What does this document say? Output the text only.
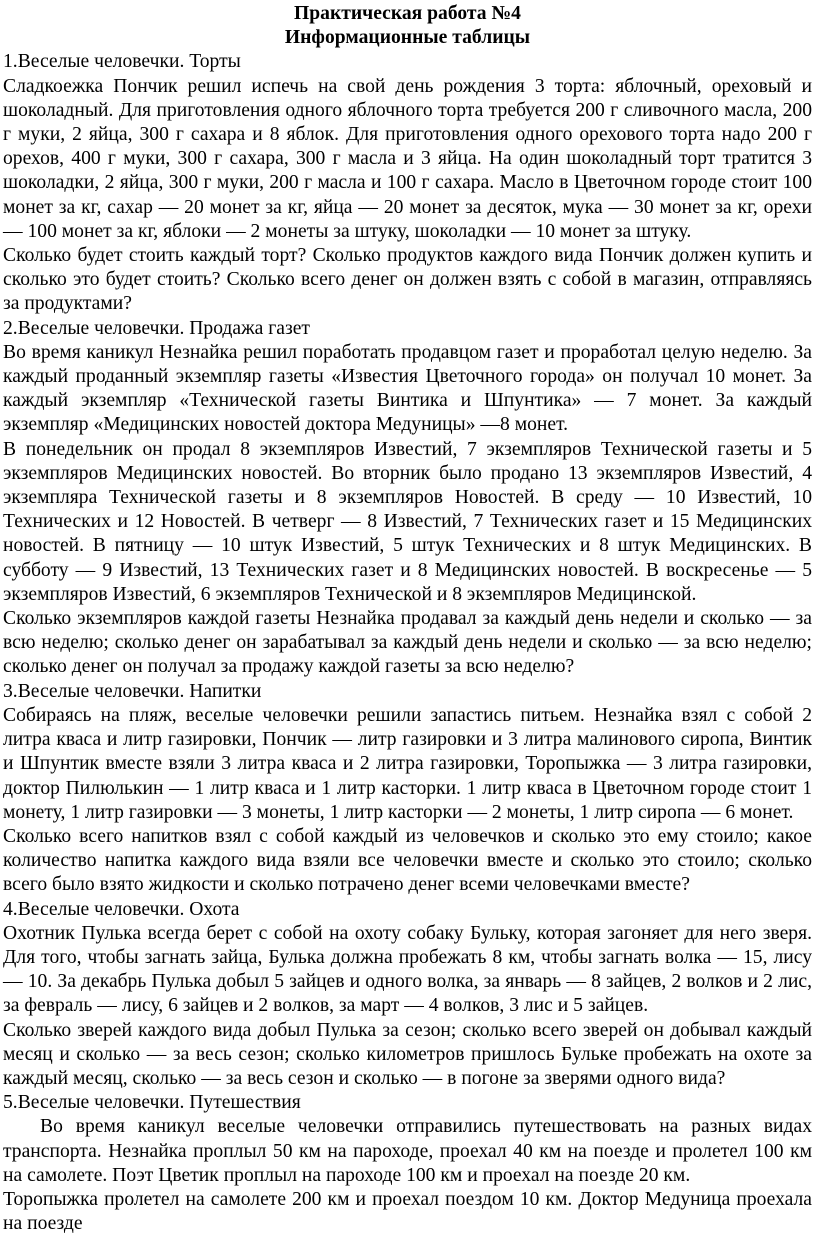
Практическая работа №4

Информационные таблицы

1.Веселые человечки. Торты

Сладкоежка Пончик решил испечь на свой день рождения 3 торта: яблочный, ореховый и шоколадный. Для приготовления одного яблочного торта требуется 200 г сливочного масла, 200 г муки, 2 яйца, 300 г сахара и 8 яблок. Для приготовления одного орехового торта надо 200 г орехов, 400 г муки, 300 г сахара, 300 г масла и 3 яйца. На один шоколадный торт тратится 3 шоколадки, 2 яйца, 300 г муки, 200 г масла и 100 г сахара. Масло в Цветочном городе стоит 100 монет за кг, сахар — 20 монет за кг, яйца — 20 монет за десяток, мука — 30 монет за кг, орехи — 100 монет за кг, яблоки — 2 монеты за штуку, шоколадки — 10 монет за штуку.

Сколько будет стоить каждый торт? Сколько продуктов каждого вида Пончик должен купить и сколько это будет стоить? Сколько всего денег он должен взять с собой в магазин, отправляясь за продуктами?

2.Веселые человечки. Продажа газет

Во время каникул Незнайка решил поработать продавцом газет и проработал целую неделю. За каждый проданный экземпляр газеты «Известия Цветочного города» он получал 10 монет. За каждый экземпляр «Технической газеты Винтика и Шпунтика» — 7 монет. За каждый экземпляр «Медицинских новостей доктора Медуницы» —8 монет.

В понедельник он продал 8 экземпляров Известий, 7 экземпляров Технической газеты и 5 экземпляров Медицинских новостей. Во вторник было продано 13 экземпляров Известий, 4 экземпляра Технической газеты и 8 экземпляров Новостей. В среду — 10 Известий, 10 Технических и 12 Новостей. В четверг — 8 Известий, 7 Технических газет и 15 Медицинских новостей. В пятницу — 10 штук Известий, 5 штук Технических и 8 штук Медицинских. В субботу — 9 Известий, 13 Технических газет и 8 Медицинских новостей. В воскресенье — 5 экземпляров Известий, 6 экземпляров Технической и 8 экземпляров Медицинской.

Сколько экземпляров каждой газеты Незнайка продавал за каждый день недели и сколько — за всю неделю; сколько денег он зарабатывал за каждый день недели и сколько — за всю неделю; сколько денег он получал за продажу каждой газеты за всю неделю?

3.Веселые человечки. Напитки

Собираясь на пляж, веселые человечки решили запастись питьем. Незнайка взял с собой 2 литра кваса и литр газировки, Пончик — литр газировки и 3 литра малинового сиропа, Винтик и Шпунтик вместе взяли 3 литра кваса и 2 литра газировки, Торопыжка — 3 литра газировки, доктор Пилюлькин — 1 литр кваса и 1 литр касторки. 1 литр кваса в Цветочном городе стоит 1 монету, 1 литр газировки — 3 монеты, 1 литр касторки — 2 монеты, 1 литр сиропа — 6 монет.

Сколько всего напитков взял с собой каждый из человечков и сколько это ему стоило; какое количество напитка каждого вида взяли все человечки вместе и сколько это стоило; сколько всего было взято жидкости и сколько потрачено денег всеми человечками вместе?

4.Веселые человечки. Охота

Охотник Пулька всегда берет с собой на охоту собаку Бульку, которая загоняет для него зверя. Для того, чтобы загнать зайца, Булька должна пробежать 8 км, чтобы загнать волка — 15, лису — 10. За декабрь Пулька добыл 5 зайцев и одного волка, за январь — 8 зайцев, 2 волков и 2 лис, за февраль — лису, 6 зайцев и 2 волков, за март — 4 волков, 3 лис и 5 зайцев.

Сколько зверей каждого вида добыл Пулька за сезон; сколько всего зверей он добывал каждый месяц и сколько — за весь сезон; сколько километров пришлось Бульке пробежать на охоте за каждый месяц, сколько — за весь сезон и сколько — в погоне за зверями одного вида?

5.Веселые человечки. Путешествия

Во время каникул веселые человечки отправились путешествовать на разных видах транспорта. Незнайка проплыл 50 км на пароходе, проехал 40 км на поезде и пролетел 100 км на самолете. Поэт Цветик проплыл на пароходе 100 км и проехал на поезде 20 км.

Торопыжка пролетел на самолете 200 км и проехал поездом 10 км. Доктор Медуница проехала на поезде
